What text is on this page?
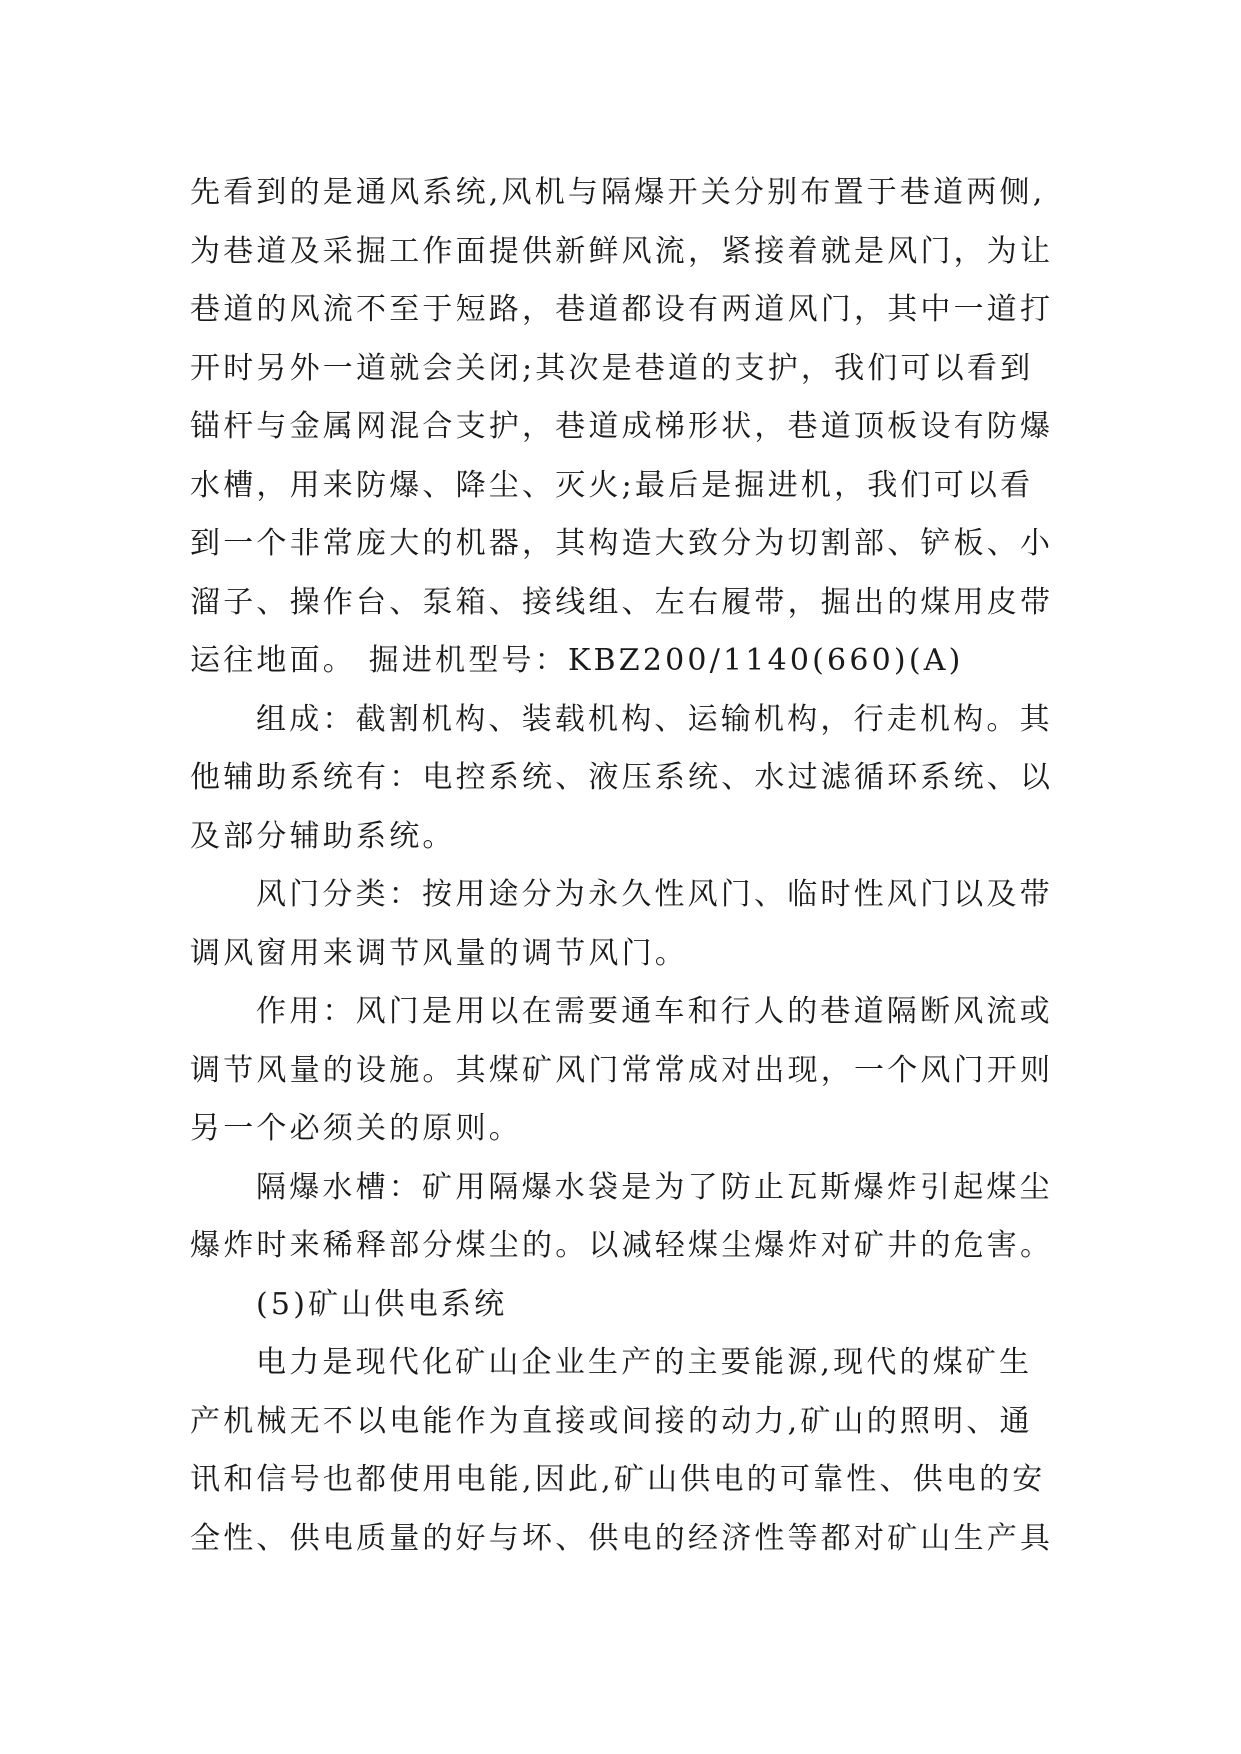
先看到的是通风系统,风机与隔爆开关分别布置于巷道两侧,
为巷道及采掘工作面提供新鲜风流，紧接着就是风门，为让
巷道的风流不至于短路，巷道都设有两道风门，其中一道打
开时另外一道就会关闭;其次是巷道的支护，我们可以看到
锚杆与金属网混合支护，巷道成梯形状，巷道顶板设有防爆
水槽，用来防爆、降尘、灭火;最后是掘进机，我们可以看
到一个非常庞大的机器，其构造大致分为切割部、铲板、小
溜子、操作台、泵箱、接线组、左右履带，掘出的煤用皮带
运往地面。 掘进机型号：KBZ200/1140(660)(A)
组成：截割机构、装载机构、运输机构，行走机构。其
他辅助系统有：电控系统、液压系统、水过滤循环系统、以
及部分辅助系统。
风门分类：按用途分为永久性风门、临时性风门以及带
调风窗用来调节风量的调节风门。
作用：风门是用以在需要通车和行人的巷道隔断风流或
调节风量的设施。其煤矿风门常常成对出现，一个风门开则
另一个必须关的原则。
隔爆水槽：矿用隔爆水袋是为了防止瓦斯爆炸引起煤尘
爆炸时来稀释部分煤尘的。以减轻煤尘爆炸对矿井的危害。
(5)矿山供电系统
电力是现代化矿山企业生产的主要能源,现代的煤矿生
产机械无不以电能作为直接或间接的动力,矿山的照明、通
讯和信号也都使用电能,因此,矿山供电的可靠性、供电的安
全性、供电质量的好与坏、供电的经济性等都对矿山生产具
